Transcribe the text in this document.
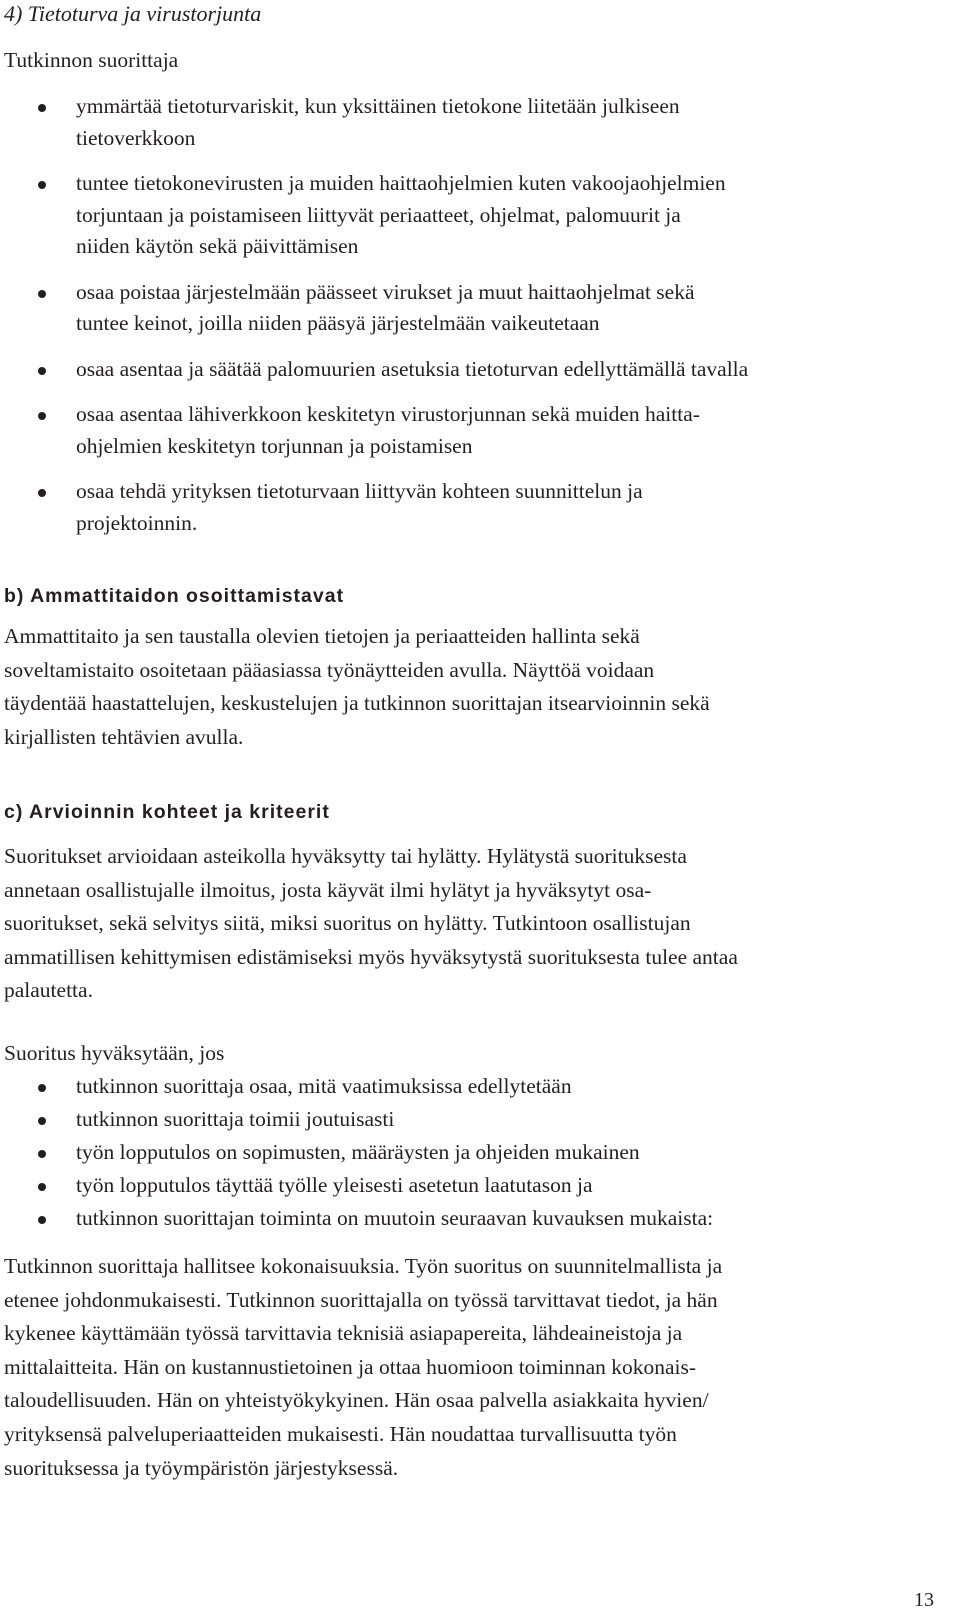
4) Tietoturva ja virustorjunta

Tutkinnon suorittaja

ymmärtää tietoturvariskit, kun yksittäinen tietokone liitetään julkiseen
tietoverkkoon
tuntee tietokonevirusten ja muiden haittaohjelmien kuten vakoojaohjelmien
torjuntaan ja poistamiseen liittyvät periaatteet, ohjelmat, palomuurit ja
niiden käytön sekä päivittämisen
osaa poistaa järjestelmään päässeet virukset ja muut haittaohjelmat sekä
tuntee keinot, joilla niiden pääsyä järjestelmään vaikeutetaan
osaa asentaa ja säätää palomuurien asetuksia tietoturvan edellyttämällä tavalla
osaa asentaa lähiverkkoon keskitetyn virustorjunnan sekä muiden haitta-
ohjelmien keskitetyn torjunnan ja poistamisen
osaa tehdä yrityksen tietoturvaan liittyvän kohteen suunnittelun ja
projektoinnin.

b) Ammattitaidon osoittamistavat

Ammattitaito ja sen taustalla olevien tietojen ja periaatteiden hallinta sekä
soveltamistaito osoitetaan pääasiassa työnäytteiden avulla. Näyttöä voidaan
täydentää haastattelujen, keskustelujen ja tutkinnon suorittajan itsearvioinnin sekä
kirjallisten tehtävien avulla.

c) Arvioinnin kohteet ja kriteerit

Suoritukset arvioidaan asteikolla hyväksytty tai hylätty. Hylätystä suorituksesta
annetaan osallistujalle ilmoitus, josta käyvät ilmi hylätyt ja hyväksytyt osa-
suoritukset, sekä selvitys siitä, miksi suoritus on hylätty. Tutkintoon osallistujan
ammatillisen kehittymisen edistämiseksi myös hyväksytystä suorituksesta tulee antaa
palautetta.

Suoritus hyväksytään, jos

tutkinnon suorittaja osaa, mitä vaatimuksissa edellytetään
tutkinnon suorittaja toimii joutuisasti
työn lopputulos on sopimusten, määräysten ja ohjeiden mukainen
työn lopputulos täyttää työlle yleisesti asetetun laatutason ja
tutkinnon suorittajan toiminta on muutoin seuraavan kuvauksen mukaista:

Tutkinnon suorittaja hallitsee kokonaisuuksia. Työn suoritus on suunnitelmallista ja
etenee johdonmukaisesti. Tutkinnon suorittajalla on työssä tarvittavat tiedot, ja hän
kykenee käyttämään työssä tarvittavia teknisiä asiapapereita, lähdeaineistoja ja
mittalaitteita. Hän on kustannustietoinen ja ottaa huomioon toiminnan kokonais-
taloudellisuuden. Hän on yhteistyökykyinen. Hän osaa palvella asiakkaita hyvien/
yrityksensä palveluperiaatteiden mukaisesti. Hän noudattaa turvallisuutta työn
suorituksessa ja työympäristön järjestyksessä.

13
